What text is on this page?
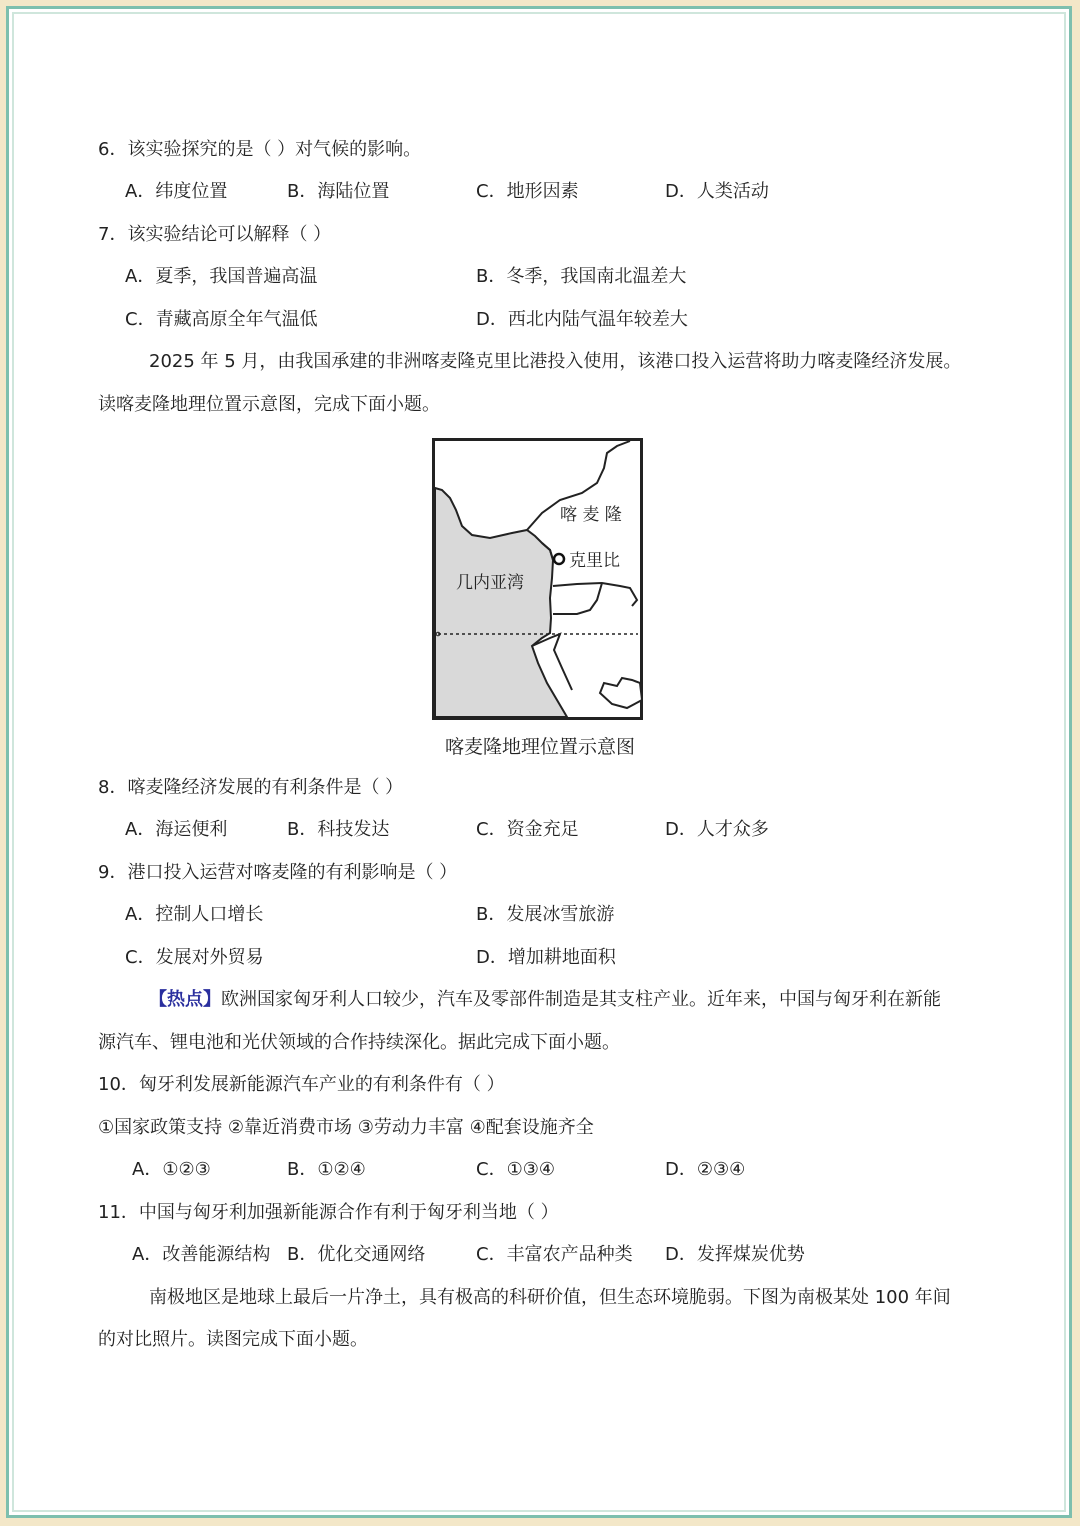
6．该实验探究的是（ ）对气候的影响。
A．纬度位置	B．海陆位置	C．地形因素	D．人类活动
7．该实验结论可以解释（ ）
A．夏季，我国普遍高温	B．冬季，我国南北温差大
C．青藏高原全年气温低	D．西北内陆气温年较差大
2025 年 5 月，由我国承建的非洲喀麦隆克里比港投入使用，该港口投入运营将助力喀麦隆经济发展。
读喀麦隆地理位置示意图，完成下面小题。
喀 麦 隆
克里比
几内亚湾
喀麦隆地理位置示意图
8．喀麦隆经济发展的有利条件是（ ）
A．海运便利	B．科技发达	C．资金充足	D．人才众多
9．港口投入运营对喀麦隆的有利影响是（ ）
A．控制人口增长	B．发展冰雪旅游
C．发展对外贸易	D．增加耕地面积
【热点】欧洲国家匈牙利人口较少，汽车及零部件制造是其支柱产业。近年来，中国与匈牙利在新能
源汽车、锂电池和光伏领域的合作持续深化。据此完成下面小题。
10．匈牙利发展新能源汽车产业的有利条件有（ ）
①国家政策支持 ②靠近消费市场 ③劳动力丰富 ④配套设施齐全
A．①②③	B．①②④	C．①③④	D．②③④
11．中国与匈牙利加强新能源合作有利于匈牙利当地（ ）
A．改善能源结构 B．优化交通网络	C．丰富农产品种类 D．发挥煤炭优势
南极地区是地球上最后一片净土，具有极高的科研价值，但生态环境脆弱。下图为南极某处 100 年间
的对比照片。读图完成下面小题。
